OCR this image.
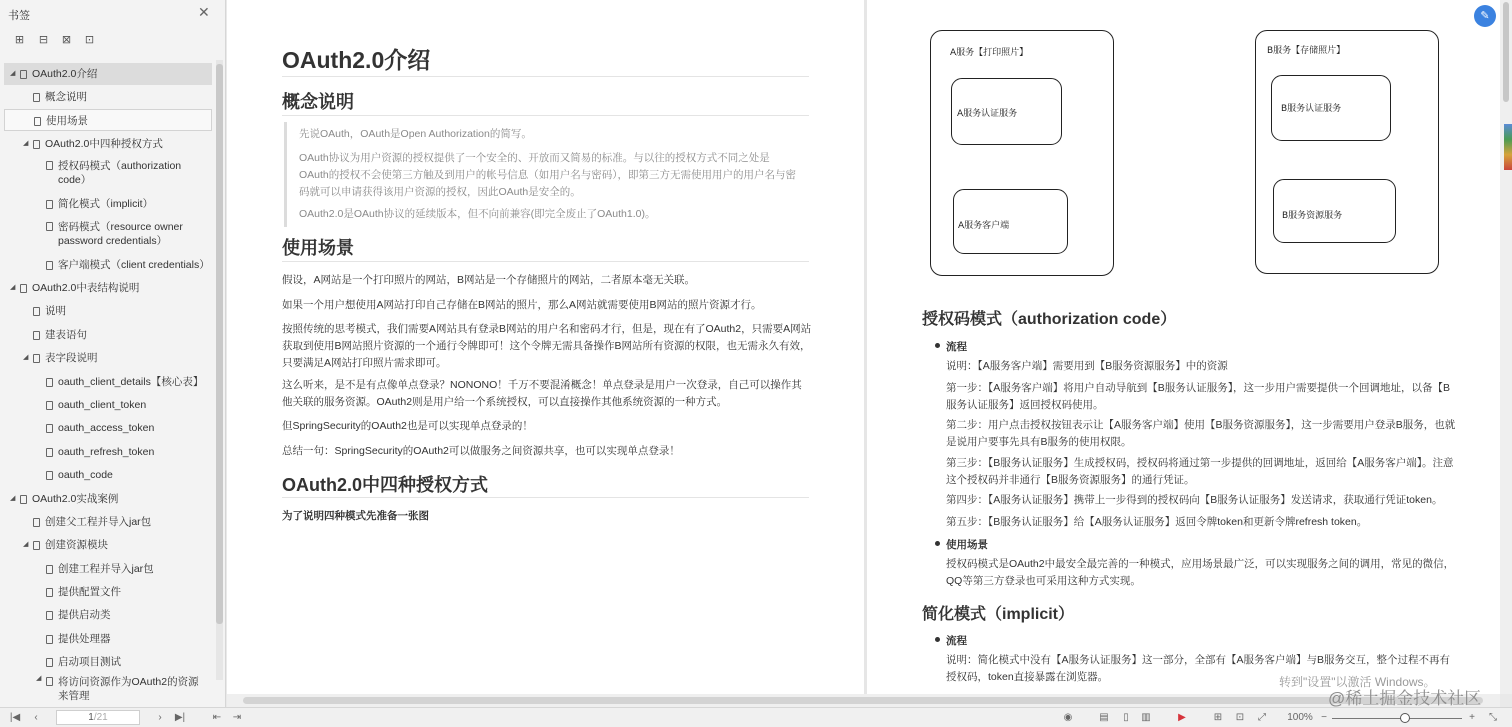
书签	✕
⊞ ⊟ ⊠ ⊡
◢ OAuth2.0介绍
概念说明
使用场景
◢ OAuth2.0中四种授权方式
授权码模式（authorization code）
简化模式（implicit）
密码模式（resource owner password credentials）
客户端模式（client credentials）
◢ OAuth2.0中表结构说明
说明
建表语句
◢ 表字段说明
oauth_client_details【核心表】
oauth_client_token
oauth_access_token
oauth_refresh_token
oauth_code
◢ OAuth2.0实战案例
创建父工程并导入jar包
◢ 创建资源模块
创建工程并导入jar包
提供配置文件
提供启动类
提供处理器
启动项目测试
◢ 将访问资源作为OAuth2的资源来管理
OAuth2.0介绍
概念说明
先说OAuth，OAuth是Open Authorization的简写。
OAuth协议为用户资源的授权提供了一个安全的、开放而又简易的标准。与以往的授权方式不同之处是OAuth的授权不会使第三方触及到用户的帐号信息（如用户名与密码），即第三方无需使用用户的用户名与密码就可以申请获得该用户资源的授权，因此OAuth是安全的。
OAuth2.0是OAuth协议的延续版本，但不向前兼容(即完全废止了OAuth1.0)。
使用场景
假设，A网站是一个打印照片的网站，B网站是一个存储照片的网站，二者原本毫无关联。
如果一个用户想使用A网站打印自己存储在B网站的照片，那么A网站就需要使用B网站的照片资源才行。
按照传统的思考模式，我们需要A网站具有登录B网站的用户名和密码才行，但是，现在有了OAuth2，只需要A网站获取到使用B网站照片资源的一个通行令牌即可！这个令牌无需具备操作B网站所有资源的权限，也无需永久有效，只要满足A网站打印照片需求即可。
这么听来，是不是有点像单点登录？NONONO！千万不要混淆概念！单点登录是用户一次登录，自己可以操作其他关联的服务资源。OAuth2则是用户给一个系统授权，可以直接操作其他系统资源的一种方式。
但SpringSecurity的OAuth2也是可以实现单点登录的！
总结一句：SpringSecurity的OAuth2可以做服务之间资源共享，也可以实现单点登录！
OAuth2.0中四种授权方式
为了说明四种模式先准备一张图
A服务【打印照片】
A服务认证服务
A服务客户端
B服务【存储照片】
B服务认证服务
B服务资源服务
授权码模式（authorization code）
流程
说明：【A服务客户端】需要用到【B服务资源服务】中的资源
第一步：【A服务客户端】将用户自动导航到【B服务认证服务】，这一步用户需要提供一个回调地址，以备【B服务认证服务】返回授权码使用。
第二步：用户点击授权按钮表示让【A服务客户端】使用【B服务资源服务】，这一步需要用户登录B服务，也就是说用户要事先具有B服务的使用权限。
第三步：【B服务认证服务】生成授权码，授权码将通过第一步提供的回调地址，返回给【A服务客户端】。注意这个授权码并非通行【B服务资源服务】的通行凭证。
第四步：【A服务认证服务】携带上一步得到的授权码向【B服务认证服务】发送请求，获取通行凭证token。
第五步：【B服务认证服务】给【A服务认证服务】返回令牌token和更新令牌refresh token。
使用场景
授权码模式是OAuth2中最安全最完善的一种模式，应用场景最广泛，可以实现服务之间的调用，常见的微信，QQ等第三方登录也可采用这种方式实现。
简化模式（implicit）
流程
说明：简化模式中没有【A服务认证服务】这一部分，全部有【A服务客户端】与B服务交互，整个过程不再有授权码，token直接暴露在浏览器。
✎
转到"设置"以激活 Windows。
|◀	‹	1/21	›	▶|	⇤ ⇥	◉	▤	▯	▥	▶	⊞	⊡	⤢	100% −	+	⤡
@稀土掘金技术社区
